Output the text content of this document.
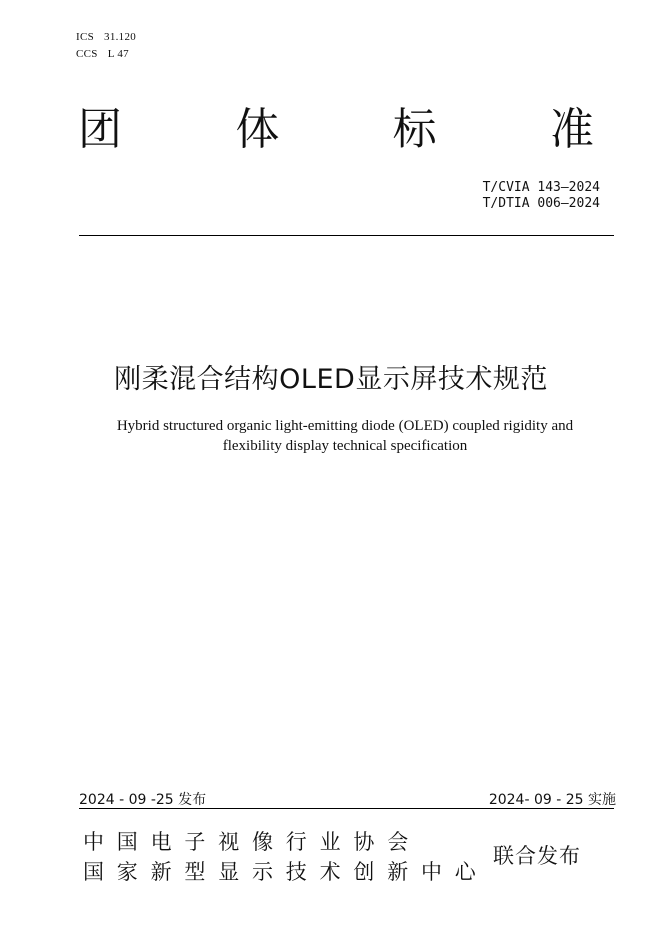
ICS 31.120
CCS L 47
团	体	标	准
T/CVIA 143—2024
T/DTIA 006—2024
刚柔混合结构OLED显示屏技术规范
Hybrid structured organic light-emitting diode (OLED) coupled rigidity and flexibility display technical specification
2024 - 09 -25 发布	2024- 09 - 25 实施
中国电子视像行业协会
国家新型显示技术创新中心
联合发布
